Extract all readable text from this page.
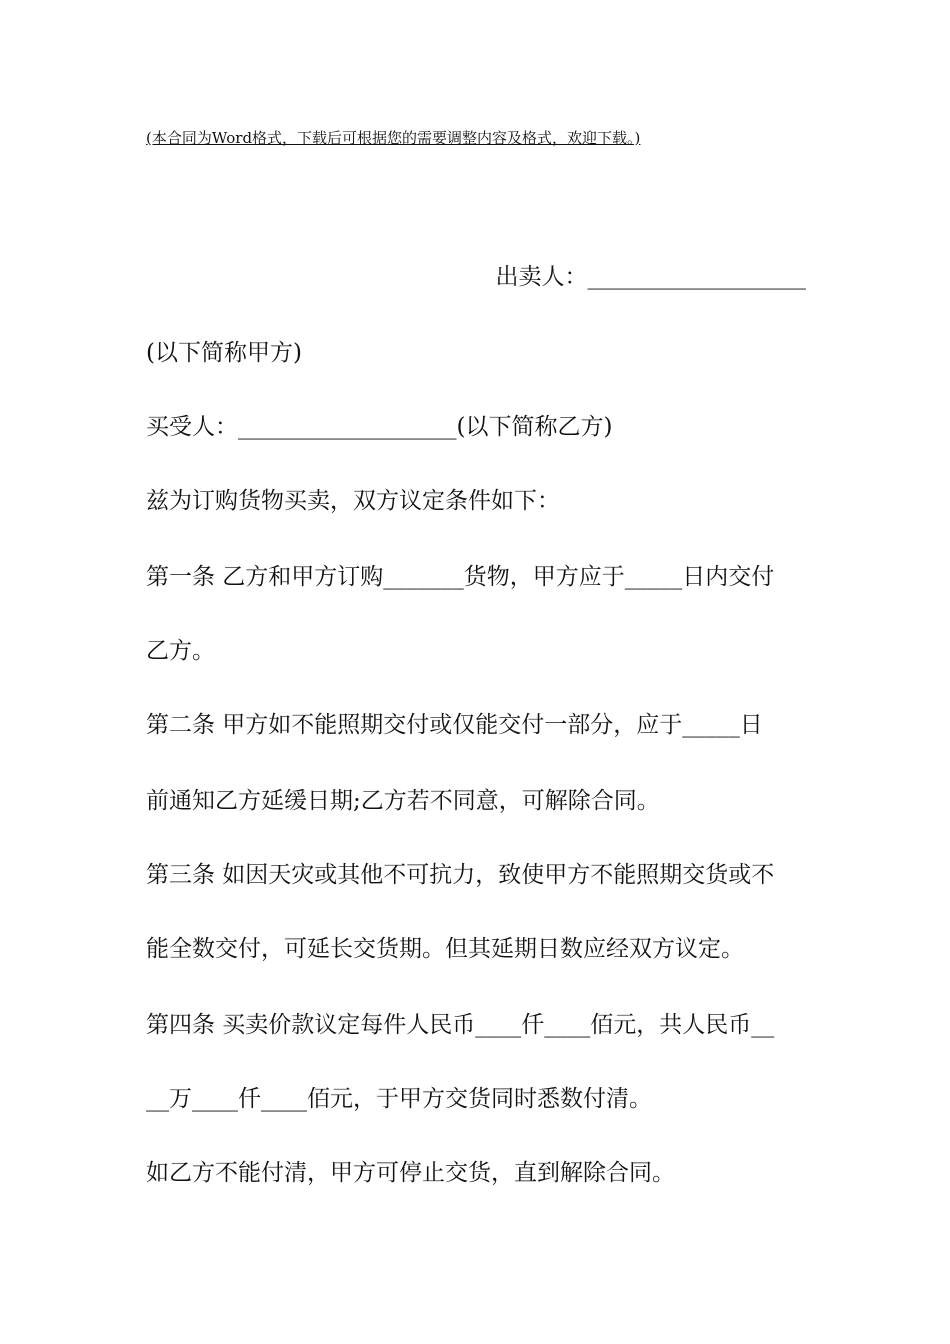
(本合同为Word格式，下载后可根据您的需要调整内容及格式，欢迎下载。)
出卖人：___________________
(以下简称甲方)
买受人：___________________(以下简称乙方)
兹为订购货物买卖，双方议定条件如下：
第一条 乙方和甲方订购_______货物，甲方应于_____日内交付
乙方。
第二条 甲方如不能照期交付或仅能交付一部分，应于_____日
前通知乙方延缓日期;乙方若不同意，可解除合同。
第三条 如因天灾或其他不可抗力，致使甲方不能照期交货或不
能全数交付，可延长交货期。但其延期日数应经双方议定。
第四条 买卖价款议定每件人民币____仟____佰元，共人民币__
__万____仟____佰元，于甲方交货同时悉数付清。
如乙方不能付清，甲方可停止交货，直到解除合同。
